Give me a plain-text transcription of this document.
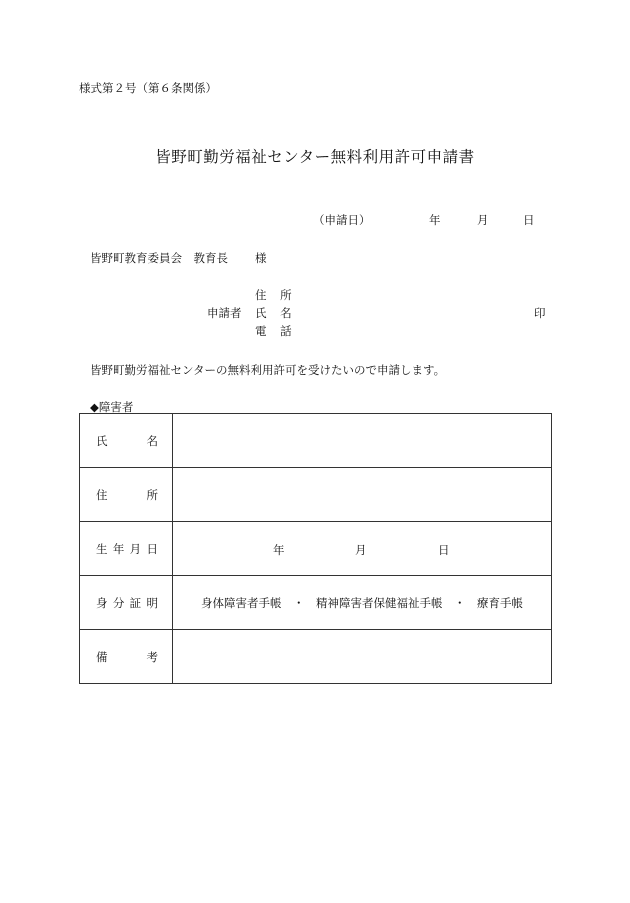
様式第２号（第６条関係）
皆野町勤労福祉センター無料利用許可申請書
（申請日）	年	月	日
皆野町教育委員会　教育長 様
申請者
住 所
氏 名
電 話
印
皆野町勤労福祉センターの無料利用許可を受けたいので申請します。
◆障害者
氏 名	

住 所	

生 年 月 日	年 月 日

身 分 証 明	身体障害者手帳　・　精神障害者保健福祉手帳　・　療育手帳

備 考	
